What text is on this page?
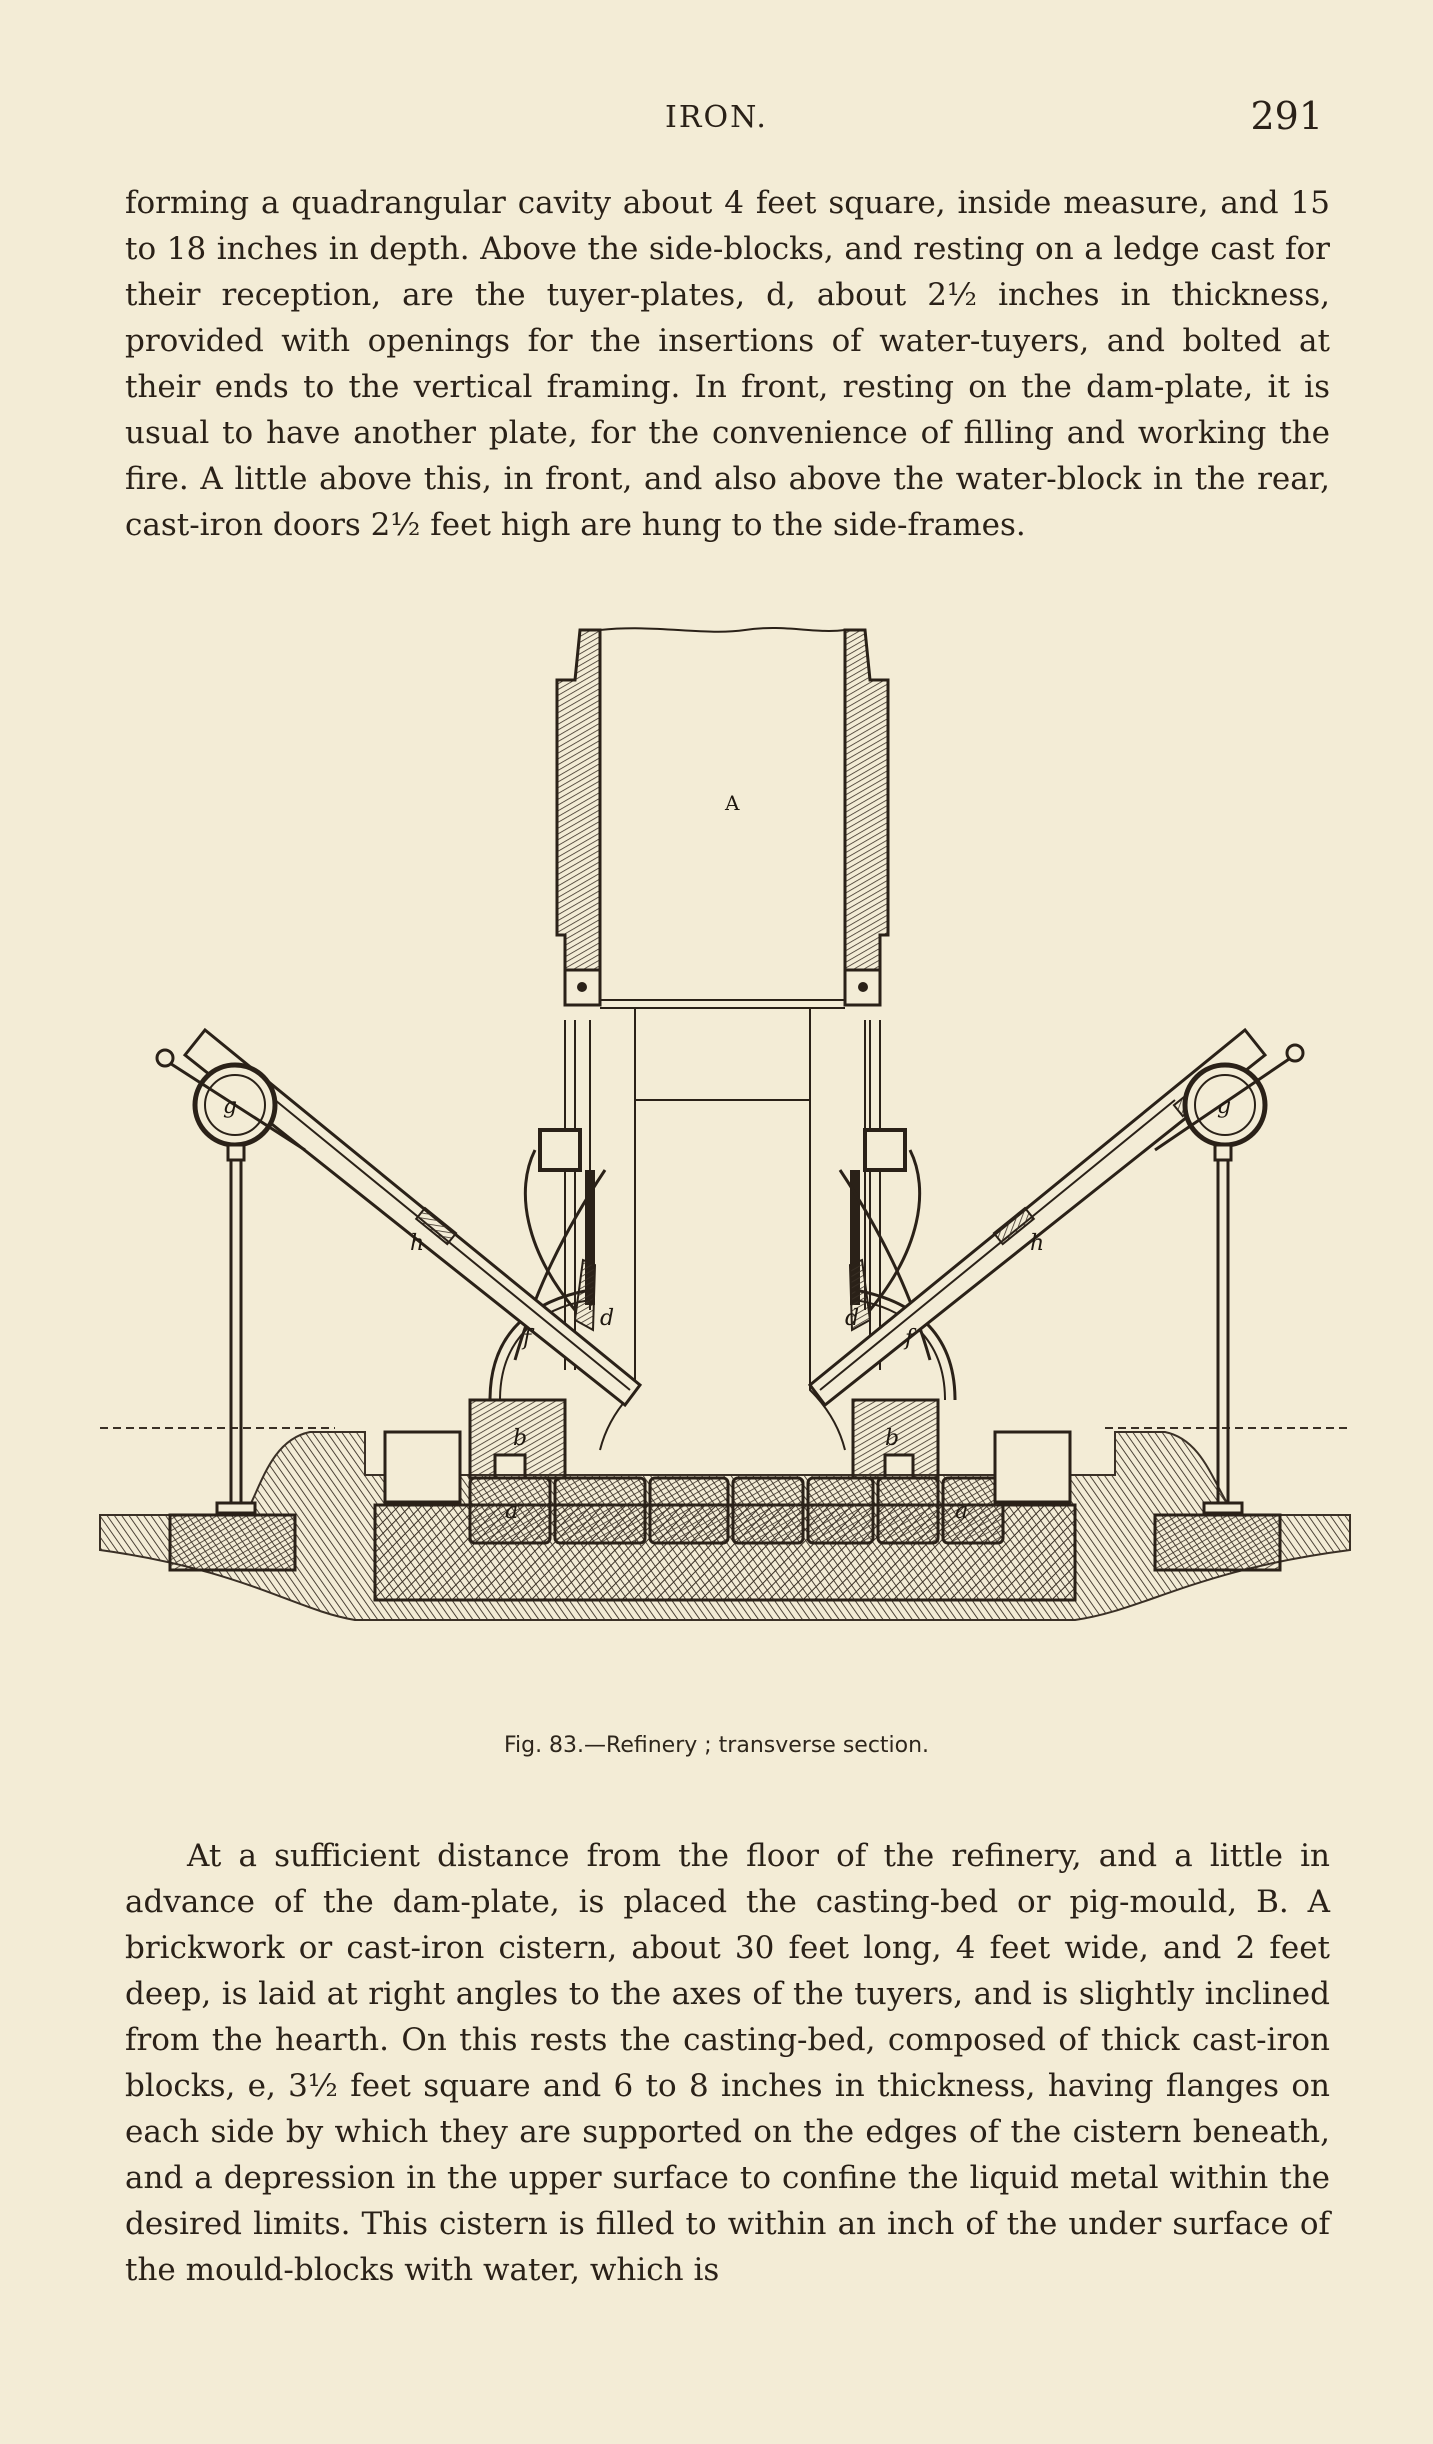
IRON.	291

forming a quadrangular cavity about 4 feet square, inside measure, and 15 to 18 inches in depth. Above the side-blocks, and resting on a ledge cast for their reception, are the tuyer-plates, d, about 2½ inches in thickness, provided with openings for the insertions of water-tuyers, and bolted at their ends to the vertical framing. In front, resting on the dam-plate, it is usual to have another plate, for the convenience of filling and working the fire. A little above this, in front, and also above the water-block in the rear, cast-iron doors 2½ feet high are hung to the side-frames.

A
a	a
b	b
d	d
f	f
g	g
h	h
Fig. 83.—Refinery ; transverse section.

At a sufficient distance from the floor of the refinery, and a little in advance of the dam-plate, is placed the casting-bed or pig-mould, B. A brickwork or cast-iron cistern, about 30 feet long, 4 feet wide, and 2 feet deep, is laid at right angles to the axes of the tuyers, and is slightly inclined from the hearth. On this rests the casting-bed, composed of thick cast-iron blocks, e, 3½ feet square and 6 to 8 inches in thickness, having flanges on each side by which they are supported on the edges of the cistern beneath, and a depression in the upper surface to confine the liquid metal within the desired limits. This cistern is filled to within an inch of the under surface of the mould-blocks with water, which is
